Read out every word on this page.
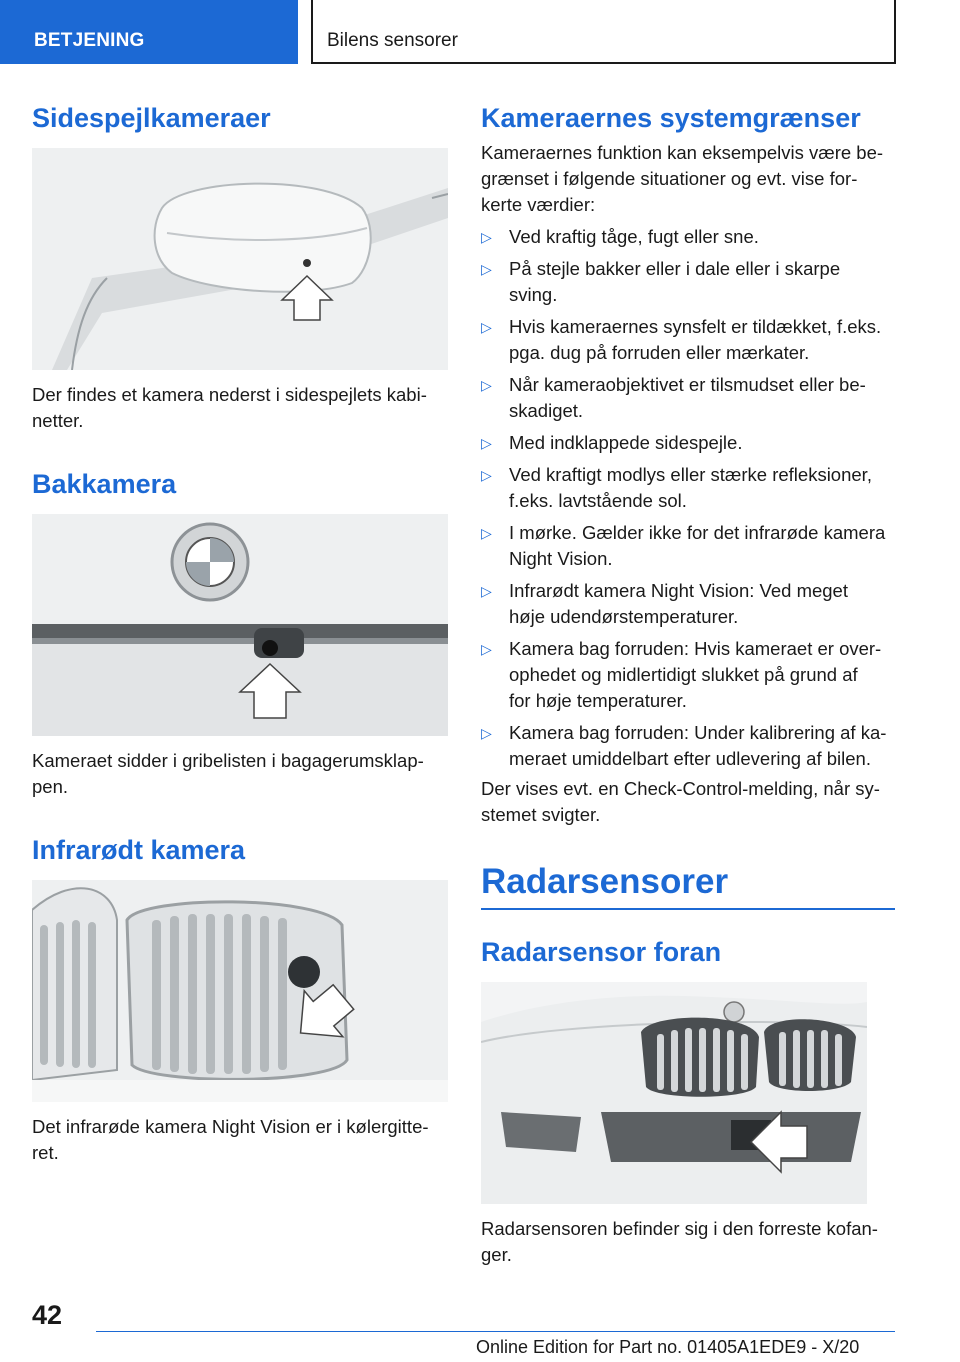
BETJENING	Bilens sensorer
Sidespejlkameraer

Der findes et kamera nederst i sidespejlets kabi-
netter.

Bakkamera

Kameraet sidder i gribelisten i bagagerumsklap-
pen.

Infrarødt kamera

Det infrarøde kamera Night Vision er i kølergitte-
ret.

Kameraernes systemgrænser

Kameraernes funktion kan eksempelvis være be-
grænset i følgende situationer og evt. vise for-
kerte værdier:

▷ Ved kraftig tåge, fugt eller sne.
▷ På stejle bakker eller i dale eller i skarpe
sving.
▷ Hvis kameraernes synsfelt er tildækket, f.eks.
pga. dug på forruden eller mærkater.
▷ Når kameraobjektivet er tilsmudset eller be-
skadiget.
▷ Med indklappede sidespejle.
▷ Ved kraftigt modlys eller stærke refleksioner,
f.eks. lavtstående sol.
▷ I mørke. Gælder ikke for det infrarøde kamera
Night Vision.
▷ Infrarødt kamera Night Vision: Ved meget
høje udendørstemperaturer.
▷ Kamera bag forruden: Hvis kameraet er over-
ophedet og midlertidigt slukket på grund af
for høje temperaturer.
▷ Kamera bag forruden: Under kalibrering af ka-
meraet umiddelbart efter udlevering af bilen.

Der vises evt. en Check-Control-melding, når sy-
stemet svigter.

Radarsensorer
Radarsensor foran

Radarsensoren befinder sig i den forreste kofan-
ger.

42
Online Edition for Part no. 01405A1EDE9 - X/20
